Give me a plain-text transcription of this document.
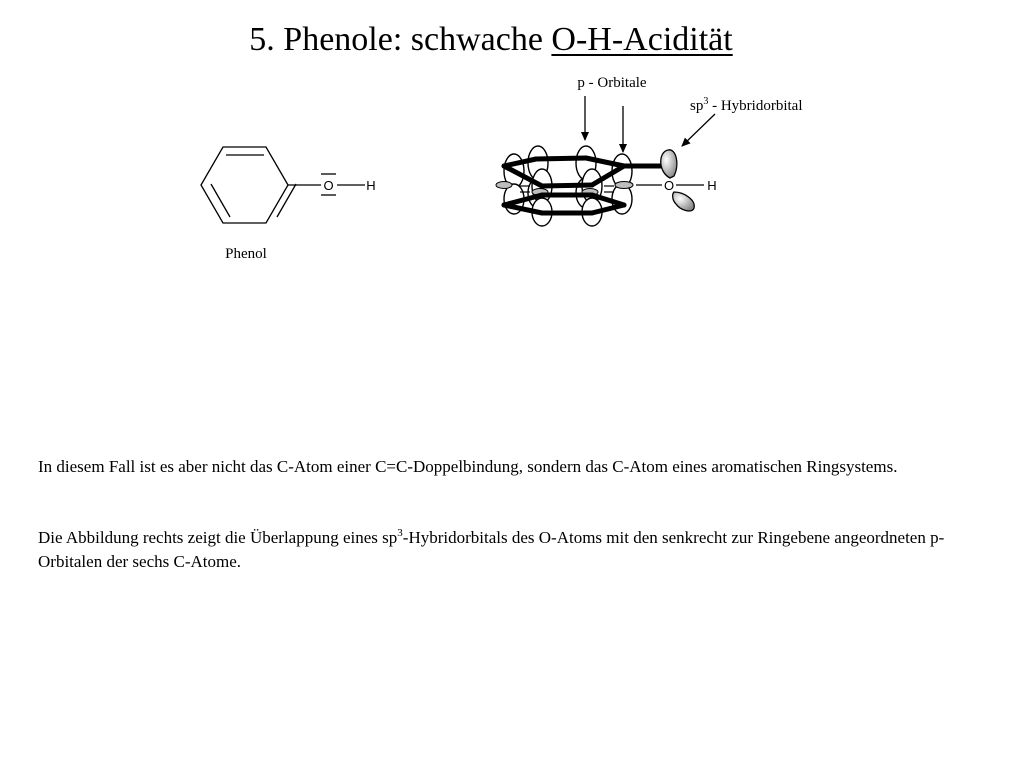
5. Phenole: schwache O-H-Acidität
O	H
Phenol
O	H
p - Orbitale
$sp^3$ - Hybridorbital

In diesem Fall ist es aber nicht das C-Atom einer C=C-Doppelbindung, sondern das C-Atom eines aromatischen Ringsystems.

Die Abbildung rechts zeigt die Überlappung eines $sp^3$-Hybridorbitals des O-Atoms mit den senkrecht zur Ringebene angeordneten p-Orbitalen der sechs C-Atome.
